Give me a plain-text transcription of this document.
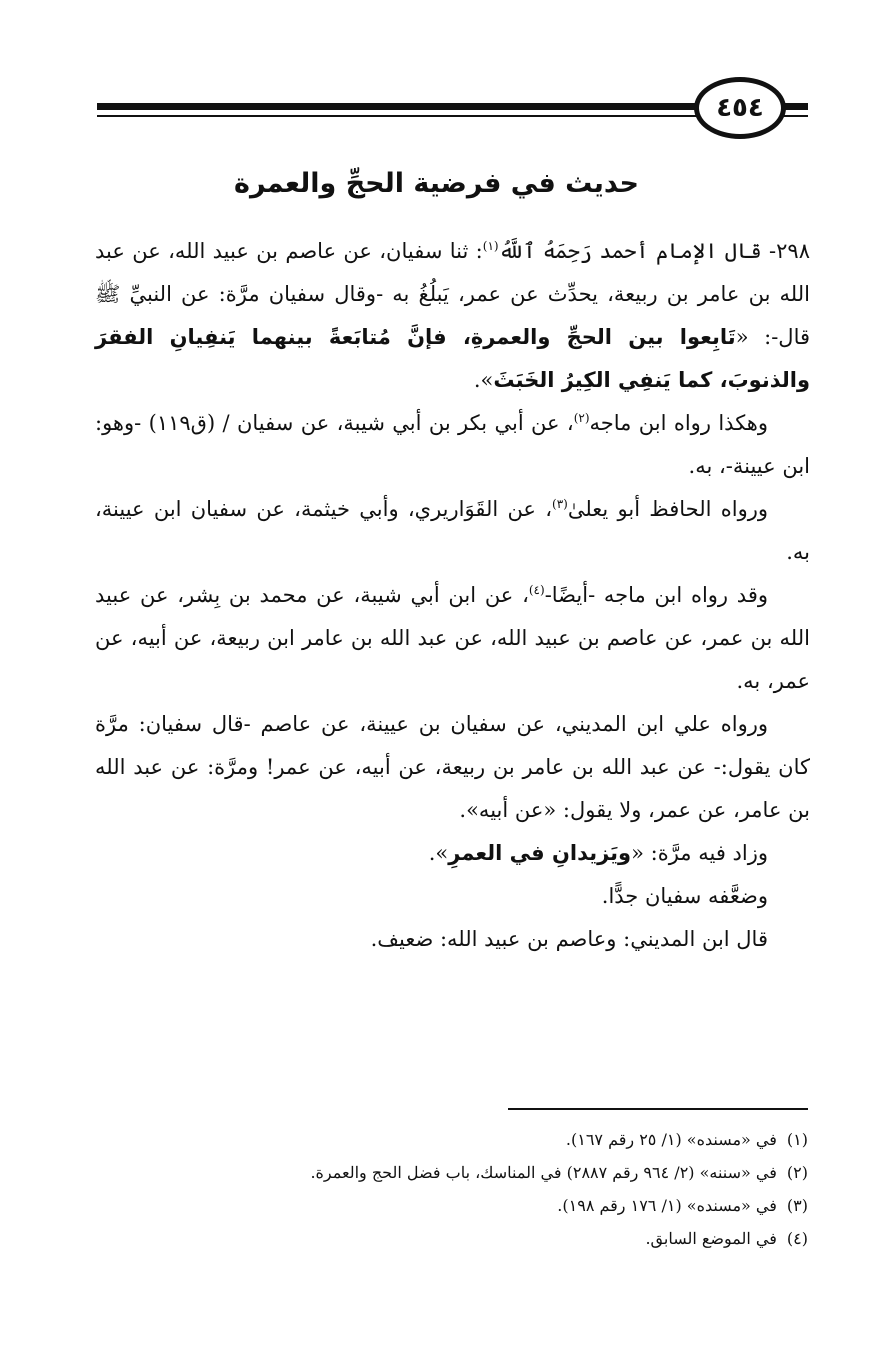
٤٥٤
حديث في فرضية الحجِّ والعمرة

٢٩٨- قال الإمام أحمد رَحِمَهُ ٱللَّهُ$^{(١)}$: ثنا سفيان، عن عاصم بن عبيد الله، عن عبد الله بن عامر بن ربيعة، يحدِّث عن عمر، يَبلُغُ به -وقال سفيان مرَّة: عن النبيِّ ﷺ قال-: «تَابِعوا بين الحجِّ والعمرةِ، فإنَّ مُتابَعةً بينهما يَنفِيانِ الفقرَ والذنوبَ، كما يَنفِي الكِيرُ الخَبَثَ».

وهكذا رواه ابن ماجه$^{(٢)}$، عن أبي بكر بن أبي شيبة، عن سفيان / (ق١١٩) -وهو: ابن عيينة-، به.

ورواه الحافظ أبو يعلىٰ$^{(٣)}$، عن القَوَاريري، وأبي خيثمة، عن سفيان ابن عيينة، به.

وقد رواه ابن ماجه -أيضًا-$^{(٤)}$، عن ابن أبي شيبة، عن محمد بن بِشر، عن عبيد الله بن عمر، عن عاصم بن عبيد الله، عن عبد الله بن عامر ابن ربيعة، عن أبيه، عن عمر، به.

ورواه علي ابن المديني، عن سفيان بن عيينة، عن عاصم -قال سفيان: مرَّة كان يقول:- عن عبد الله بن عامر بن ربيعة، عن أبيه، عن عمر! ومرَّة: عن عبد الله بن عامر، عن عمر، ولا يقول: «عن أبيه».

وزاد فيه مرَّة: «ويَزيدانِ في العمرِ».

وضعَّفه سفيان جدًّا.

قال ابن المديني: وعاصم بن عبيد الله: ضعيف.

(١)في «مسنده» (١/ ٢٥ رقم ١٦٧).

(٢)في «سننه» (٢/ ٩٦٤ رقم ٢٨٨٧) في المناسك، باب فضل الحج والعمرة.

(٣)في «مسنده» (١/ ١٧٦ رقم ١٩٨).

(٤)في الموضع السابق.
